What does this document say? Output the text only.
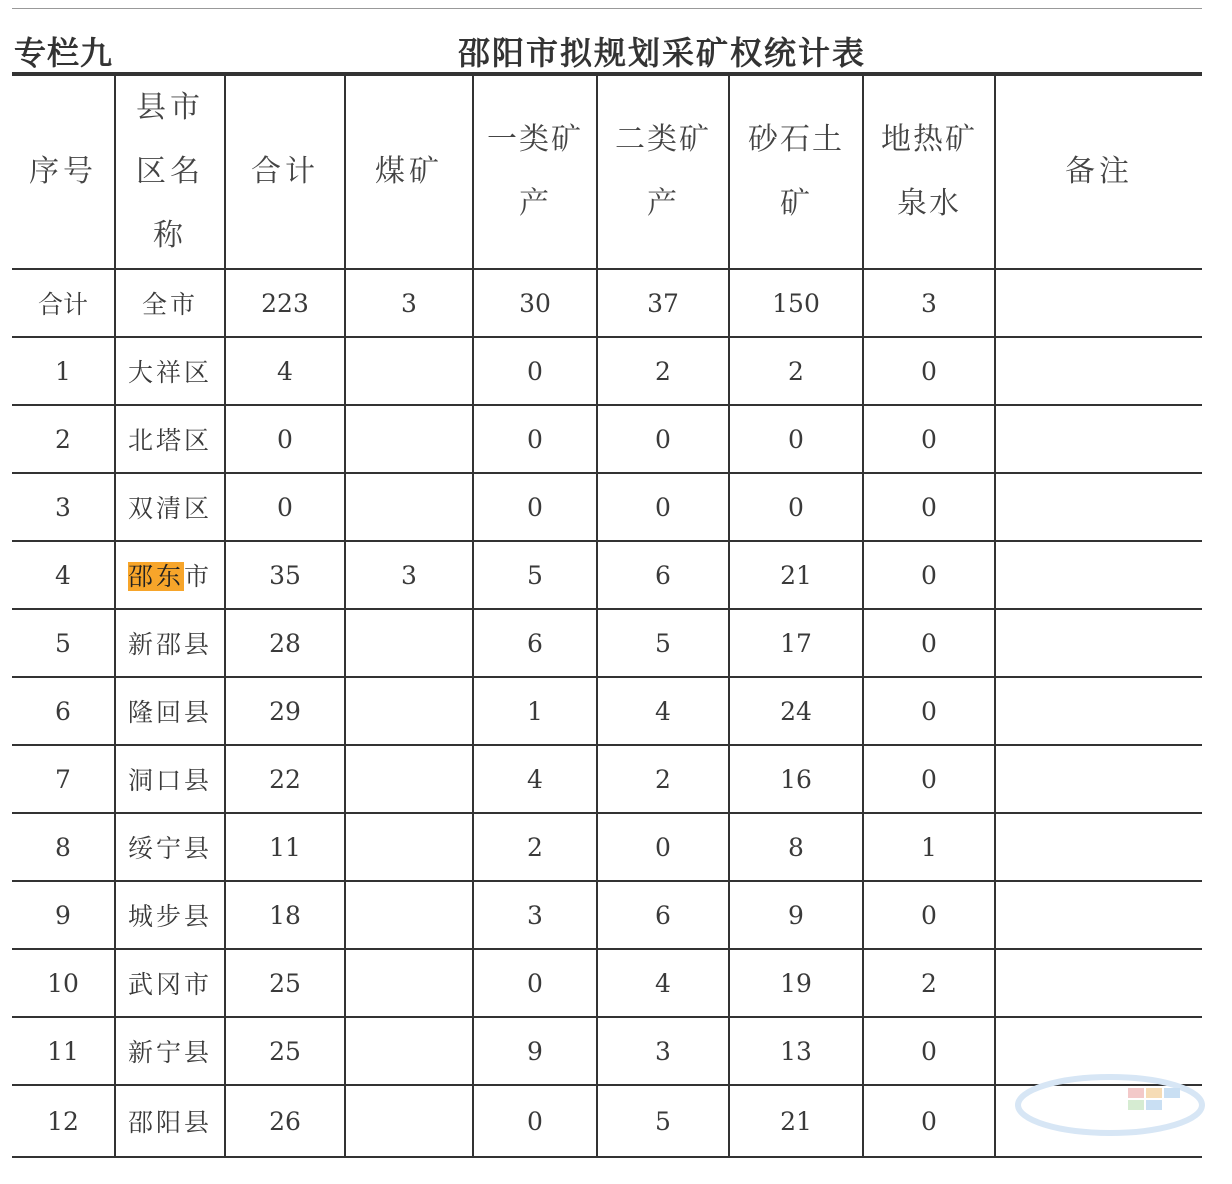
专栏九	邵阳市拟规划采矿权统计表
序号	县市区名称	合计	煤矿	一类矿产	二类矿产	砂石土矿	地热矿泉水	备注

合计	全市	223	3	30	37	150	3	
1	大祥区	4		0	2	2	0	
2	北塔区	0		0	0	0	0	
3	双清区	0		0	0	0	0	
4	邵东市	35	3	5	6	21	0	
5	新邵县	28		6	5	17	0	
6	隆回县	29		1	4	24	0	
7	洞口县	22		4	2	16	0	
8	绥宁县	11		2	0	8	1	
9	城步县	18		3	6	9	0	
10	武冈市	25		0	4	19	2	
11	新宁县	25		9	3	13	0	
12	邵阳县	26		0	5	21	0	
